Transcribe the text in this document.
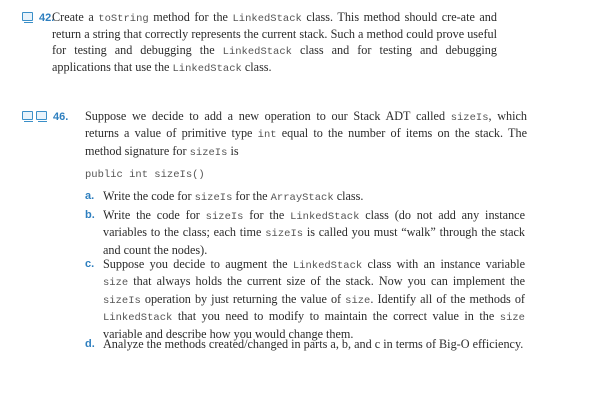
42.
Create a toString method for the LinkedStack class. This method should cre-ate and return a string that correctly represents the current stack. Such a method could prove useful for testing and debugging the LinkedStack class and for testing and debugging applications that use the LinkedStack class.
46. Suppose we decide to add a new operation to our Stack ADT called sizeIs, which returns a value of primitive type int equal to the number of items on the stack. The method signature for sizeIs is
public int sizeIs()
a. Write the code for sizeIs for the ArrayStack class.
b. Write the code for sizeIs for the LinkedStack class (do not add any instance variables to the class; each time sizeIs is called you must “walk” through the stack and count the nodes).
c. Suppose you decide to augment the LinkedStack class with an instance variable size that always holds the current size of the stack. Now you can implement the sizeIs operation by just returning the value of size. Identify all of the methods of LinkedStack that you need to modify to maintain the correct value in the size variable and describe how you would change them.
d. Analyze the methods created/changed in parts a, b, and c in terms of Big-O efficiency.
